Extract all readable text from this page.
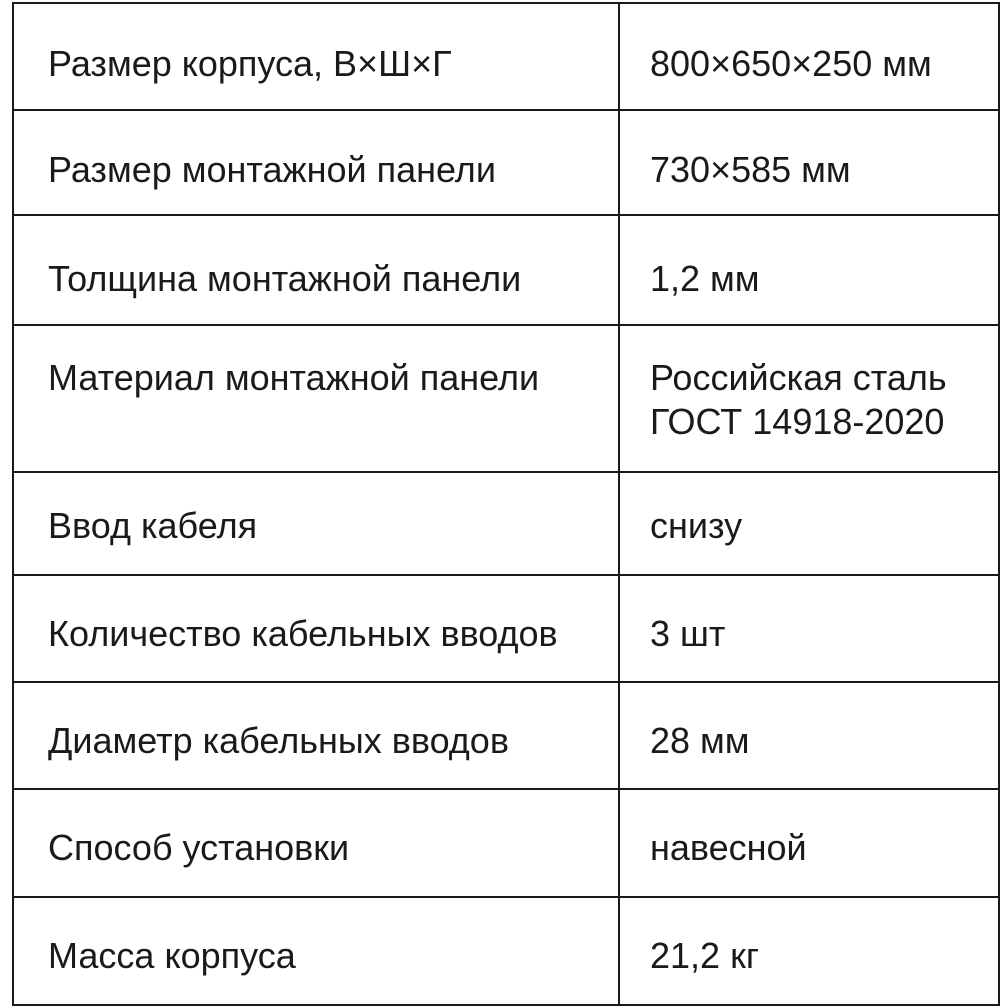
Размер корпуса, В×Ш×Г	800×650×250 мм
Размер монтажной панели	730×585 мм
Толщина монтажной панели	1,2 мм
Материал монтажной панели	Российская сталь
ГОСТ 14918-2020
Ввод кабеля	снизу
Количество кабельных вводов	3 шт
Диаметр кабельных вводов	28 мм
Способ установки	навесной
Масса корпуса	21,2 кг
